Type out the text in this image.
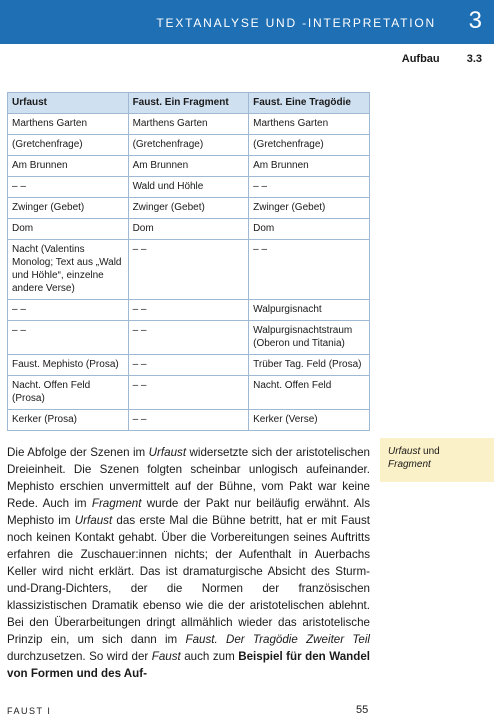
TEXTANALYSE UND -INTERPRETATION 3
Aufbau 3.3
Urfaust	Faust. Ein Fragment	Faust. Eine Tragödie
Marthens Garten	Marthens Garten	Marthens Garten
(Gretchenfrage)	(Gretchenfrage)	(Gretchenfrage)
Am Brunnen	Am Brunnen	Am Brunnen
– –	Wald und Höhle	– –
Zwinger (Gebet)	Zwinger (Gebet)	Zwinger (Gebet)
Dom	Dom	Dom
Nacht (Valentins Monolog; Text aus „Wald und Höhle“, einzelne andere Verse)	– –	– –
– –	– –	Walpurgisnacht
– –	– –	Walpurgisnachtstraum (Oberon und Titania)
Faust. Mephisto (Prosa)	– –	Trüber Tag. Feld (Prosa)
Nacht. Offen Feld (Prosa)	– –	Nacht. Offen Feld
Kerker (Prosa)	– –	Kerker (Verse)

Die Abfolge der Szenen im Urfaust widersetzte sich der aristotelischen Dreieinheit. Die Szenen folgten scheinbar unlogisch aufeinander. Mephisto erschien unvermittelt auf der Bühne, vom Pakt war keine Rede. Auch im Fragment wurde der Pakt nur beiläufig erwähnt. Als Mephisto im Urfaust das erste Mal die Bühne betritt, hat er mit Faust noch keinen Kontakt gehabt. Über die Vorbereitungen seines Auftritts erfahren die Zuschauer:innen nichts; der Aufenthalt in Auerbachs Keller wird nicht erklärt. Das ist dramaturgische Absicht des Sturm-und-Drang-Dichters, der die Normen der französischen klassizistischen Dramatik ebenso wie die der aristotelischen ablehnt. Bei den Überarbeitungen dringt allmählich wieder das aristotelische Prinzip ein, um sich dann im Faust. Der Tragödie Zweiter Teil durchzusetzen. So wird der Faust auch zum Beispiel für den Wandel von Formen und des Auf-

Urfaust und
Fragment
FAUST I	55
